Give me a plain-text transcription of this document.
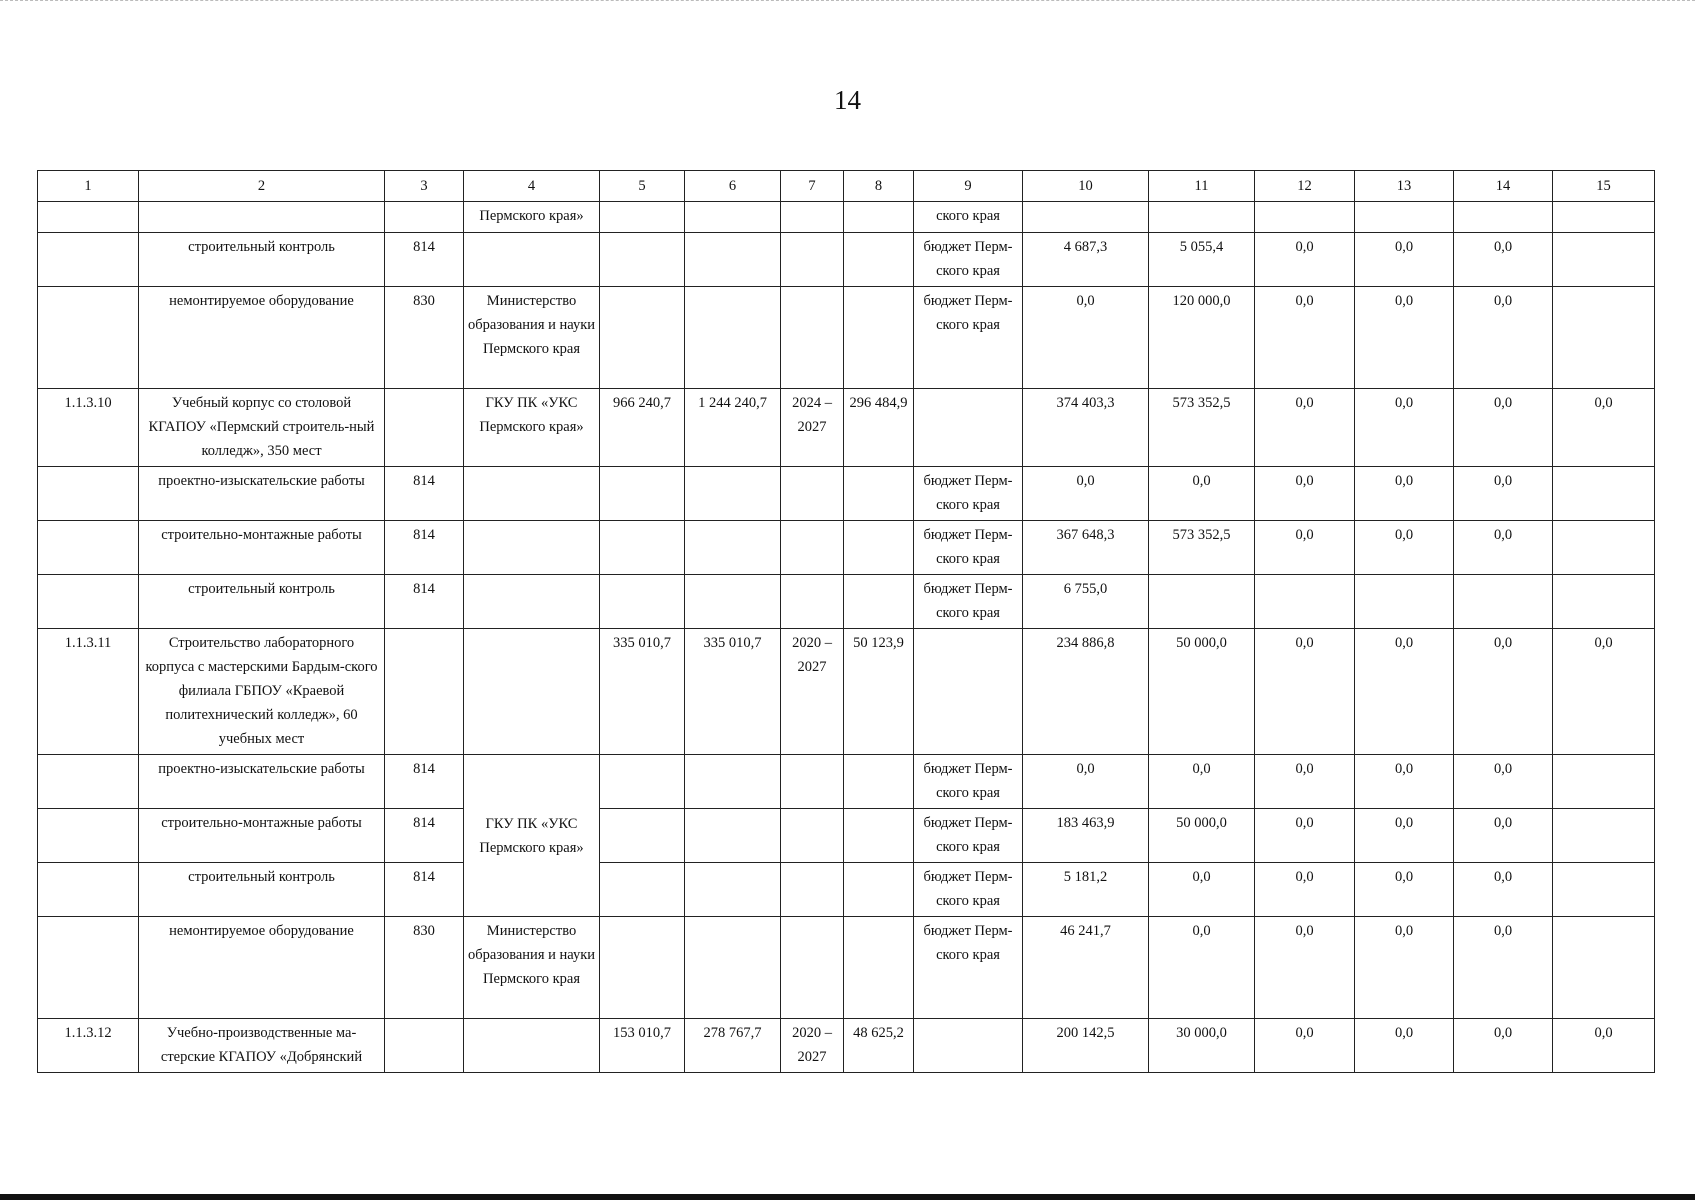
14
1	2	3	4	5	6	7	8	9	10	11	12	13	14	15
			Пермского края»					ского края						
	строительный контроль	814						бюджет Перм-ского края	4 687,3	5 055,4	0,0	0,0	0,0	
	немонтируемое оборудование	830	Министерство образования и науки Пермского края					бюджет Перм-ского края	0,0	120 000,0	0,0	0,0	0,0	
1.1.3.10	Учебный корпус со столовой КГАПОУ «Пермский строитель-ный колледж», 350 мест		ГКУ ПК «УКС Пермского края»	966 240,7	1 244 240,7	2024 – 2027	296 484,9		374 403,3	573 352,5	0,0	0,0	0,0	0,0
	проектно-изыскательские работы	814						бюджет Перм-ского края	0,0	0,0	0,0	0,0	0,0	
	строительно-монтажные работы	814						бюджет Перм-ского края	367 648,3	573 352,5	0,0	0,0	0,0	
	строительный контроль	814						бюджет Перм-ского края	6 755,0					
1.1.3.11	Строительство лабораторного корпуса с мастерскими Бардым-ского филиала ГБПОУ «Краевой политехнический колледж», 60 учебных мест			335 010,7	335 010,7	2020 – 2027	50 123,9		234 886,8	50 000,0	0,0	0,0	0,0	0,0
	проектно-изыскательские работы	814	ГКУ ПК «УКС Пермского края»					бюджет Перм-ского края	0,0	0,0	0,0	0,0	0,0	
	строительно-монтажные работы	814						бюджет Перм-ского края	183 463,9	50 000,0	0,0	0,0	0,0	
	строительный контроль	814						бюджет Перм-ского края	5 181,2	0,0	0,0	0,0	0,0	
	немонтируемое оборудование	830	Министерство образования и науки Пермского края					бюджет Перм-ского края	46 241,7	0,0	0,0	0,0	0,0	
1.1.3.12	Учебно-производственные ма-стерские КГАПОУ «Добрянский			153 010,7	278 767,7	2020 – 2027	48 625,2		200 142,5	30 000,0	0,0	0,0	0,0	0,0
